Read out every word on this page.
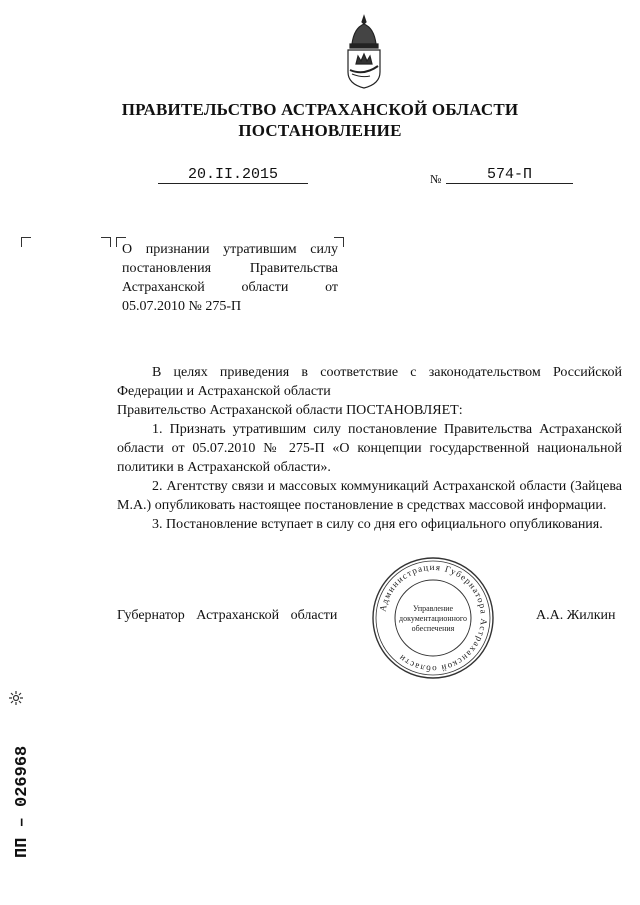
ПРАВИТЕЛЬСТВО АСТРАХАНСКОЙ ОБЛАСТИ
ПОСТАНОВЛЕНИЕ
20.II.2015	№	574-П

О признании утратившим силу постановления Правительства Астраханской области от 05.07.2010 № 275-П

В целях приведения в соответствие с законодательством Российской Федерации и Астраханской области

Правительство Астраханской области ПОСТАНОВЛЯЕТ:

1. Признать утратившим силу постановление Правительства Астраханской области от 05.07.2010 № 275-П «О концепции государственной национальной политики в Астраханской области».

2. Агентству связи и массовых коммуникаций Астраханской области (Зайцева М.А.) опубликовать настоящее постановление в средствах массовой информации.

3. Постановление вступает в силу со дня его официального опубликования.

Губернатор Астраханской области	А.А. Жилкин
Администрация Губернатора Астраханской области
Управление
документационного
обеспечения
ПП – 026968
